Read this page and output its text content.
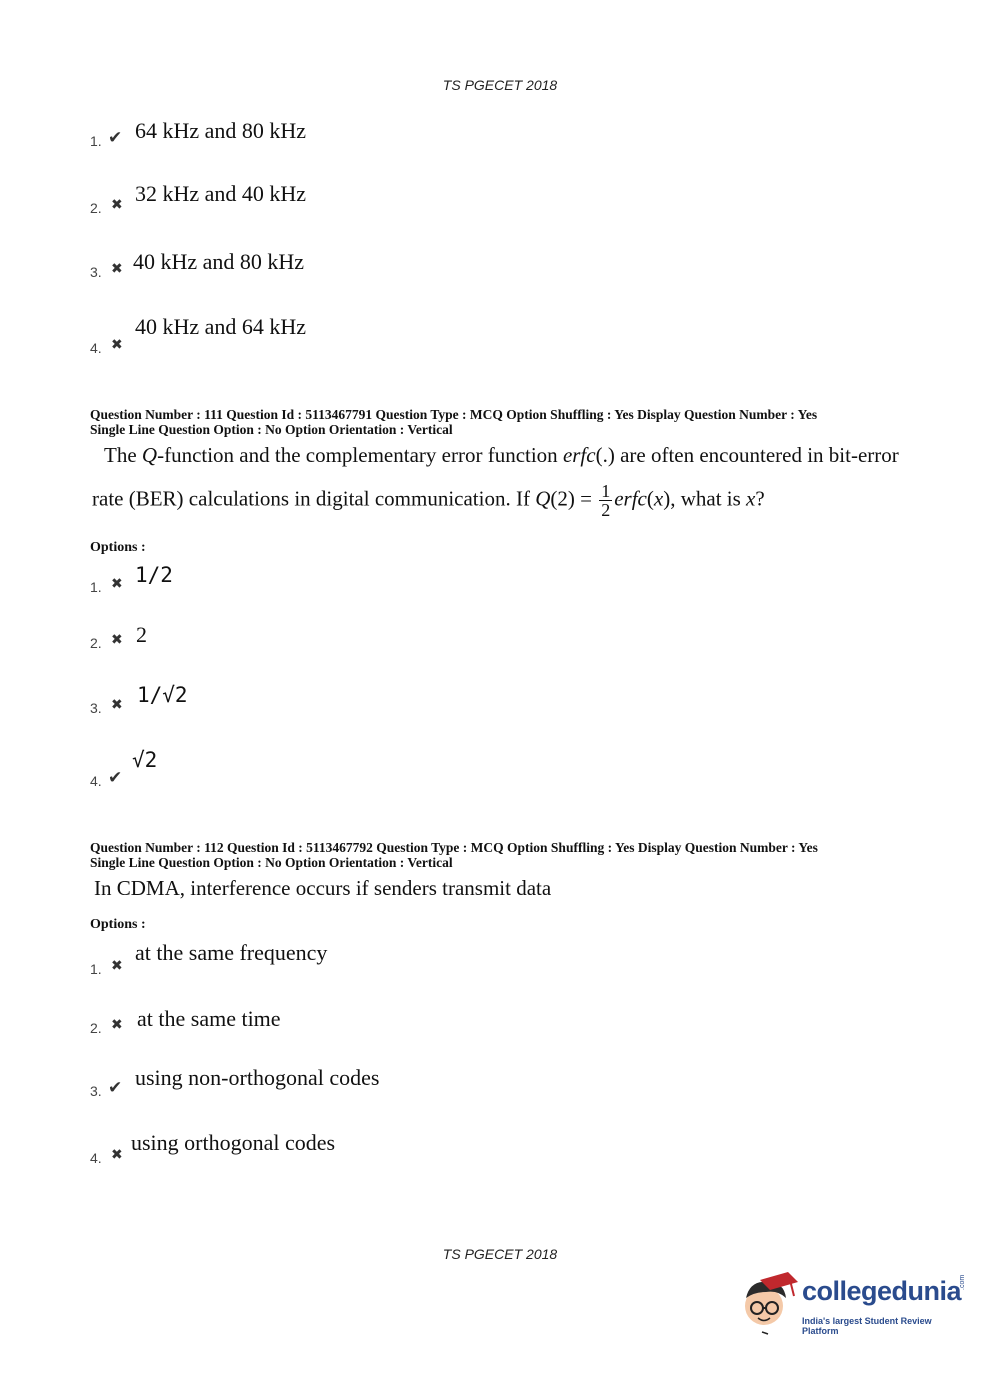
TS PGECET 2018
1. ✔ 64 kHz and 80 kHz
2. ✖ 32 kHz and 40 kHz
3. ✖ 40 kHz and 80 kHz
4. ✖
40 kHz and 64 kHz
Question Number : 111 Question Id : 5113467791 Question Type : MCQ Option Shuffling : Yes Display Question Number : Yes
Single Line Question Option : No Option Orientation : Vertical
The Q-function and the complementary error function erfc(.) are often encountered in bit-error
rate (BER) calculations in digital communication. If $Q(2) = \frac{1}{2}$ erfc(x), what is x?
Options :
1. ✖ 1/2
2. ✖ 2
3. ✖ 1/√2
4. ✔
√2
Question Number : 112 Question Id : 5113467792 Question Type : MCQ Option Shuffling : Yes Display Question Number : Yes
Single Line Question Option : No Option Orientation : Vertical
In CDMA, interference occurs if senders transmit data
Options :
1. ✖
at the same frequency
2. ✖ at the same time
3. ✔ using non-orthogonal codes
4. ✖
using orthogonal codes
TS PGECET 2018
collegedunia
.com
India's largest Student Review Platform
